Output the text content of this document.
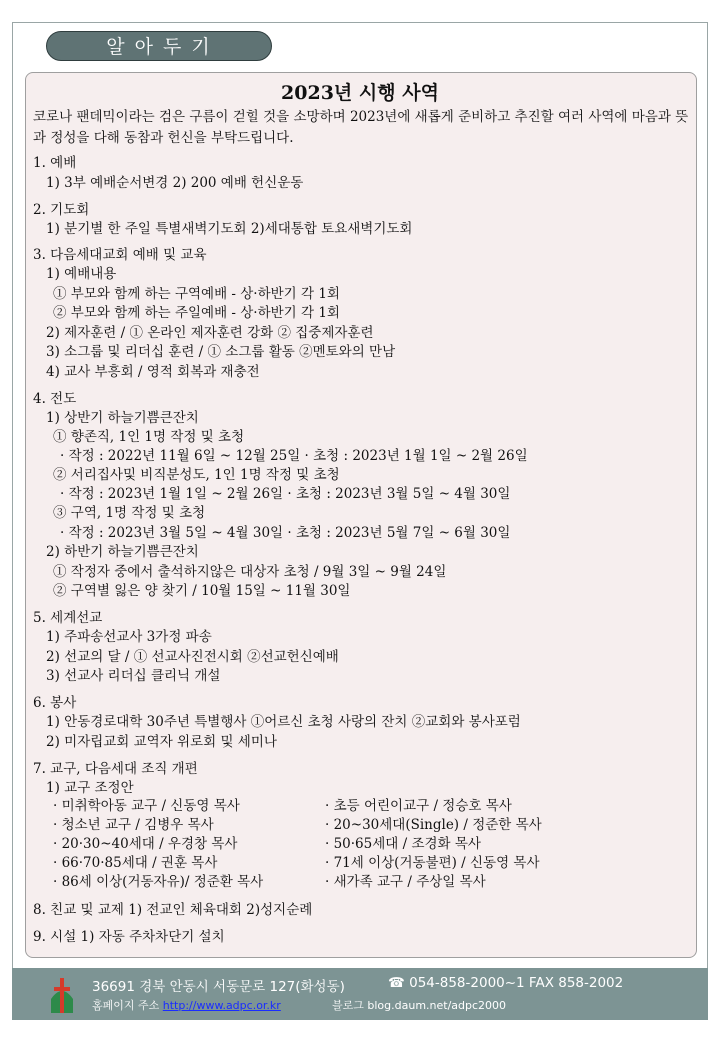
알 아 두 기
2023년 시행 사역
코로나 팬데믹이라는 검은 구름이 걷힐 것을 소망하며 2023년에 새롭게 준비하고 추진할 여러 사역에 마음과 뜻과 정성을 다해 동참과 헌신을 부탁드립니다.
1. 예배
1) 3부 예배순서변경 2) 200 예배 헌신운동
2. 기도회
1) 분기별 한 주일 특별새벽기도회 2)세대통합 토요새벽기도회
3. 다음세대교회 예배 및 교육
1) 예배내용
① 부모와 함께 하는 구역예배 - 상·하반기 각 1회
② 부모와 함께 하는 주일예배 - 상·하반기 각 1회
2) 제자훈련 / ① 온라인 제자훈련 강화 ② 집중제자훈련
3) 소그룹 및 리더십 훈련 / ① 소그룹 활동 ②멘토와의 만남
4) 교사 부흥회 / 영적 회복과 재충전
4. 전도
1) 상반기 하늘기쁨큰잔치
① 향존직, 1인 1명 작정 및 초청
· 작정 : 2022년 11월 6일 ~ 12월 25일 · 초청 : 2023년 1월 1일 ~ 2월 26일
② 서리집사및 비직분성도, 1인 1명 작정 및 초청
· 작정 : 2023년 1월 1일 ~ 2월 26일 · 초청 : 2023년 3월 5일 ~ 4월 30일
③ 구역, 1명 작정 및 초청
· 작정 : 2023년 3월 5일 ~ 4월 30일 · 초청 : 2023년 5월 7일 ~ 6월 30일
2) 하반기 하늘기쁨큰잔치
① 작정자 중에서 출석하지않은 대상자 초청 / 9월 3일 ~ 9월 24일
② 구역별 잃은 양 찾기 / 10월 15일 ~ 11월 30일
5. 세계선교
1) 주파송선교사 3가정 파송
2) 선교의 달 / ① 선교사진전시회 ②선교헌신예배
3) 선교사 리더십 클리닉 개설
6. 봉사
1) 안동경로대학 30주년 특별행사 ①어르신 초청 사랑의 잔치 ②교회와 봉사포럼
2) 미자립교회 교역자 위로회 및 세미나
7. 교구, 다음세대 조직 개편
1) 교구 조정안
· 미취학아동 교구 / 신동영 목사	· 초등 어린이교구 / 정승호 목사
· 청소년 교구 / 김병우 목사	· 20~30세대(Single) / 정준한 목사
· 20·30~40세대 / 우경창 목사	· 50·65세대 / 조경화 목사
· 66·70·85세대 / 권훈 목사	· 71세 이상(거동불편) / 신동영 목사
· 86세 이상(거동자유)/ 정준환 목사	· 새가족 교구 / 주상일 목사
8. 친교 및 교제 1) 전교인 체육대회 2)성지순례
9. 시설 1) 자동 주차차단기 설치
36691 경북 안동시 서동문로 127(화성동)	☎ 054-858-2000~1 FAX 858-2002
홈페이지 주소 http://www.adpc.or.kr	블로그 blog.daum.net/adpc2000
